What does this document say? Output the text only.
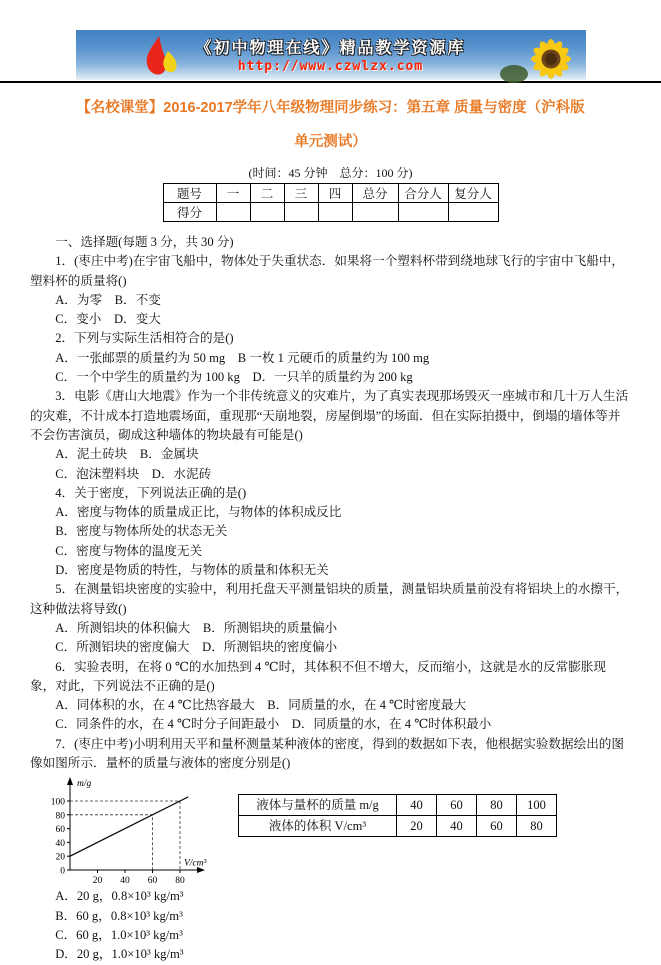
《初中物理在线》精品教学资源库
http://www.czwlzx.com
【名校课堂】2016-2017学年八年级物理同步练习：第五章 质量与密度（沪科版
单元测试）
(时间：45 分钟　总分：100 分)
题号	一	二	三	四	总分	合分人	复分人
得分							

一、选择题(每题 3 分，共 30 分)

1．(枣庄中考)在宇宙飞船中，物体处于失重状态．如果将一个塑料杯带到绕地球飞行的宇宙中飞船中，塑料杯的质量将()

A．为零　B．不变

C．变小　D．变大

2．下列与实际生活相符合的是()

A．一张邮票的质量约为 50 mg　B 一枚 1 元硬币的质量约为 100 mg

C．一个中学生的质量约为 100 kg　D．一只羊的质量约为 200 kg

3．电影《唐山大地震》作为一个非传统意义的灾难片，为了真实表现那场毁灭一座城市和几十万人生活的灾难，不计成本打造地震场面，重现那“天崩地裂，房屋倒塌”的场面．但在实际拍摄中，倒塌的墙体等并不会伤害演员，砌成这种墙体的物块最有可能是()

A．泥土砖块　B．金属块

C．泡沫塑料块　D．水泥砖

4．关于密度，下列说法正确的是()

A．密度与物体的质量成正比，与物体的体积成反比

B．密度与物体所处的状态无关

C．密度与物体的温度无关

D．密度是物质的特性，与物体的质量和体积无关

5．在测量铝块密度的实验中，利用托盘天平测量铝块的质量，测量铝块质量前没有将铝块上的水擦干，这种做法将导致()

A．所测铝块的体积偏大　B．所测铝块的质量偏小

C．所测铝块的密度偏大　D．所测铝块的密度偏小

6．实验表明，在将 0 ℃的水加热到 4 ℃时，其体积不但不增大，反而缩小，这就是水的反常膨胀现象，对此，下列说法不正确的是()

A．同体积的水，在 4 ℃比热容最大　B．同质量的水，在 4 ℃时密度最大

C．同条件的水，在 4 ℃时分子间距最小　D．同质量的水，在 4 ℃时体积最小

7．(枣庄中考)小明利用天平和量杯测量某种液体的密度，得到的数据如下表，他根据实验数据绘出的图像如图所示．量杯的质量与液体的密度分别是()

0
20
40
60
80
100
20 40 60 80
m/g
V/cm³
液体与量杯的质量 m/g	40	60	80	100
液体的体积 V/cm³	20	40	60	80

A．20 g，0.8×10³ kg/m³

B．60 g，0.8×10³ kg/m³

C．60 g，1.0×10³ kg/m³

D．20 g，1.0×10³ kg/m³
